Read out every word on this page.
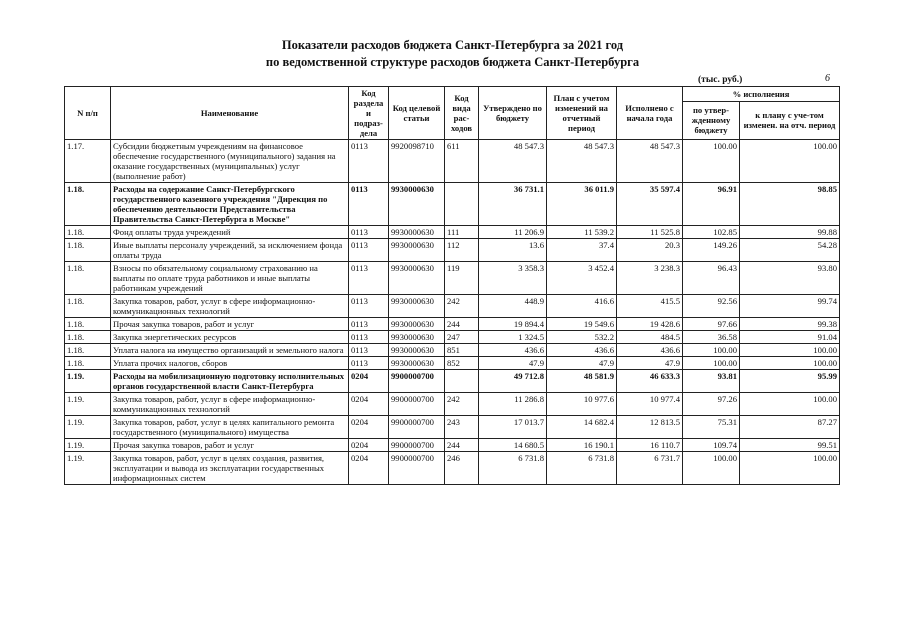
Показатели расходов бюджета Санкт-Петербурга за 2021 год
по ведомственной структуре расходов бюджета Санкт-Петербурга
(тыс. руб.)	6
N п/п	Наименование	Код раздела и подраз-дела	Код целевой статьи	Код вида рас-ходов	Утверждено по бюджету	План с учетом изменений на отчетный период	Исполнено с начала года	% исполнения	
								по утвер-жденному бюджету	к плану с уче-том изменен. на отч. период
1.17.	Субсидии бюджетным учреждениям на финансовое обеспечение государственного (муниципального) задания на оказание государственных (муниципальных) услуг (выполнение работ)	0113	9920098710	611	48 547.3	48 547.3	48 547.3	100.00	100.00
1.18.	Расходы на содержание Санкт-Петербургского государственного казенного учреждения "Дирекция по обеспечению деятельности Представительства Правительства Санкт-Петербурга в Москве"	0113	9930000630		36 731.1	36 011.9	35 597.4	96.91	98.85
1.18.	Фонд оплаты труда учреждений	0113	9930000630	111	11 206.9	11 539.2	11 525.8	102.85	99.88
1.18.	Иные выплаты персоналу учреждений, за исключением фонда оплаты труда	0113	9930000630	112	13.6	37.4	20.3	149.26	54.28
1.18.	Взносы по обязательному социальному страхованию на выплаты по оплате труда работников и иные выплаты работникам учреждений	0113	9930000630	119	3 358.3	3 452.4	3 238.3	96.43	93.80
1.18.	Закупка товаров, работ, услуг в сфере информационно-коммуникационных технологий	0113	9930000630	242	448.9	416.6	415.5	92.56	99.74
1.18.	Прочая закупка товаров, работ и услуг	0113	9930000630	244	19 894.4	19 549.6	19 428.6	97.66	99.38
1.18.	Закупка энергетических ресурсов	0113	9930000630	247	1 324.5	532.2	484.5	36.58	91.04
1.18.	Уплата налога на имущество организаций и земельного налога	0113	9930000630	851	436.6	436.6	436.6	100.00	100.00
1.18.	Уплата прочих налогов, сборов	0113	9930000630	852	47.9	47.9	47.9	100.00	100.00
1.19.	Расходы на мобилизационную подготовку исполнительных органов государственной власти Санкт-Петербурга	0204	9900000700		49 712.8	48 581.9	46 633.3	93.81	95.99
1.19.	Закупка товаров, работ, услуг в сфере информационно-коммуникационных технологий	0204	9900000700	242	11 286.8	10 977.6	10 977.4	97.26	100.00
1.19.	Закупка товаров, работ, услуг в целях капитального ремонта государственного (муниципального) имущества	0204	9900000700	243	17 013.7	14 682.4	12 813.5	75.31	87.27
1.19.	Прочая закупка товаров, работ и услуг	0204	9900000700	244	14 680.5	16 190.1	16 110.7	109.74	99.51
1.19.	Закупка товаров, работ, услуг в целях создания, развития, эксплуатации и вывода из эксплуатации государственных информационных систем	0204	9900000700	246	6 731.8	6 731.8	6 731.7	100.00	100.00
